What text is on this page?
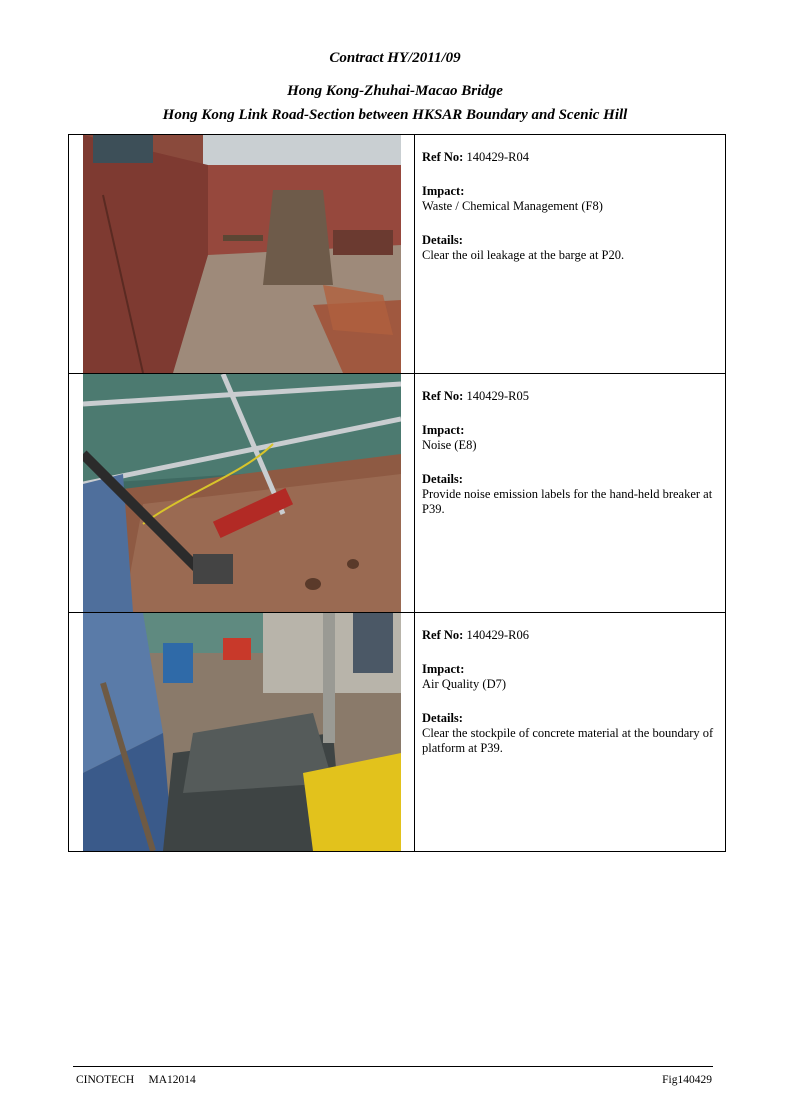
Contract HY/2011/09
Hong Kong-Zhuhai-Macao Bridge
Hong Kong Link Road-Section between HKSAR Boundary and Scenic Hill

Ref No: 140429-R04
Impact:
Waste / Chemical Management (F8)
Details:
Clear the oil leakage at the barge at P20.

Ref No: 140429-R05
Impact:
Noise (E8)
Details:
Provide noise emission labels for the hand-held breaker at P39.

Ref No: 140429-R06
Impact:
Air Quality (D7)
Details:
Clear the stockpile of concrete material at the boundary of platform at P39.
CINOTECH     MA12014	Fig140429
